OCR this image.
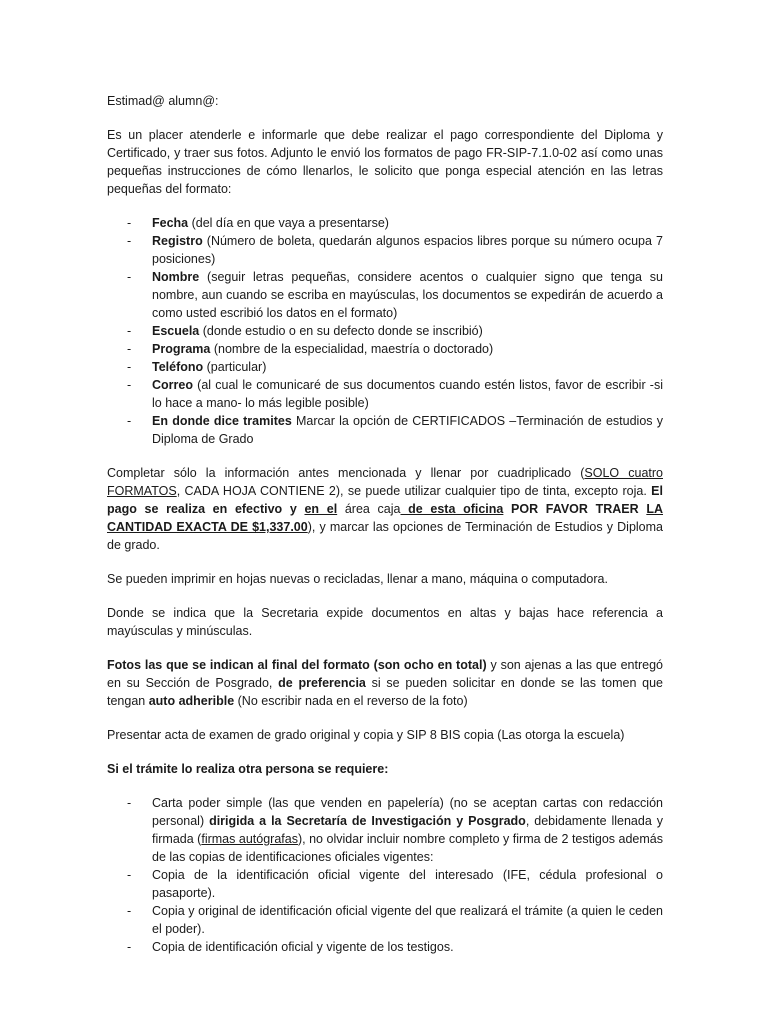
Estimad@ alumn@:

Es un placer atenderle e informarle que debe realizar el pago correspondiente del Diploma y Certificado, y traer sus fotos. Adjunto le envió los formatos de pago FR-SIP-7.1.0-02 así como unas pequeñas instrucciones de cómo llenarlos, le solicito que ponga especial atención en las letras pequeñas del formato:

- Fecha (del día en que vaya a presentarse)
- Registro (Número de boleta, quedarán algunos espacios libres porque su número ocupa 7 posiciones)
- Nombre (seguir letras pequeñas, considere acentos o cualquier signo que tenga su nombre, aun cuando se escriba en mayúsculas, los documentos se expedirán de acuerdo a como usted escribió los datos en el formato)
- Escuela (donde estudio o en su defecto donde se inscribió)
- Programa (nombre de la especialidad, maestría o doctorado)
- Teléfono (particular)
- Correo (al cual le comunicaré de sus documentos cuando estén listos, favor de escribir -si lo hace a mano- lo más legible posible)
- En donde dice tramites Marcar la opción de CERTIFICADOS –Terminación de estudios y Diploma de Grado

Completar sólo la información antes mencionada y llenar por cuadriplicado (SOLO cuatro FORMATOS, CADA HOJA CONTIENE 2), se puede utilizar cualquier tipo de tinta, excepto roja. El pago se realiza en efectivo y en el área caja de esta oficina POR FAVOR TRAER LA CANTIDAD EXACTA DE $1,337.00), y marcar las opciones de Terminación de Estudios y Diploma de grado.

Se pueden imprimir en hojas nuevas o recicladas, llenar a mano, máquina o computadora.

Donde se indica que la Secretaria expide documentos en altas y bajas hace referencia a mayúsculas y minúsculas.

Fotos las que se indican al final del formato (son ocho en total) y son ajenas a las que entregó en su Sección de Posgrado, de preferencia si se pueden solicitar en donde se las tomen que tengan auto adherible (No escribir nada en el reverso de la foto)

Presentar acta de examen de grado original y copia y SIP 8 BIS copia (Las otorga la escuela)

Si el trámite lo realiza otra persona se requiere:

- Carta poder simple (las que venden en papelería) (no se aceptan cartas con redacción personal) dirigida a la Secretaría de Investigación y Posgrado, debidamente llenada y firmada (firmas autógrafas), no olvidar incluir nombre completo y firma de 2 testigos además de las copias de identificaciones oficiales vigentes:
- Copia de la identificación oficial vigente del interesado (IFE, cédula profesional o pasaporte).
- Copia y original de identificación oficial vigente del que realizará el trámite (a quien le ceden el poder).
- Copia de identificación oficial y vigente de los testigos.
